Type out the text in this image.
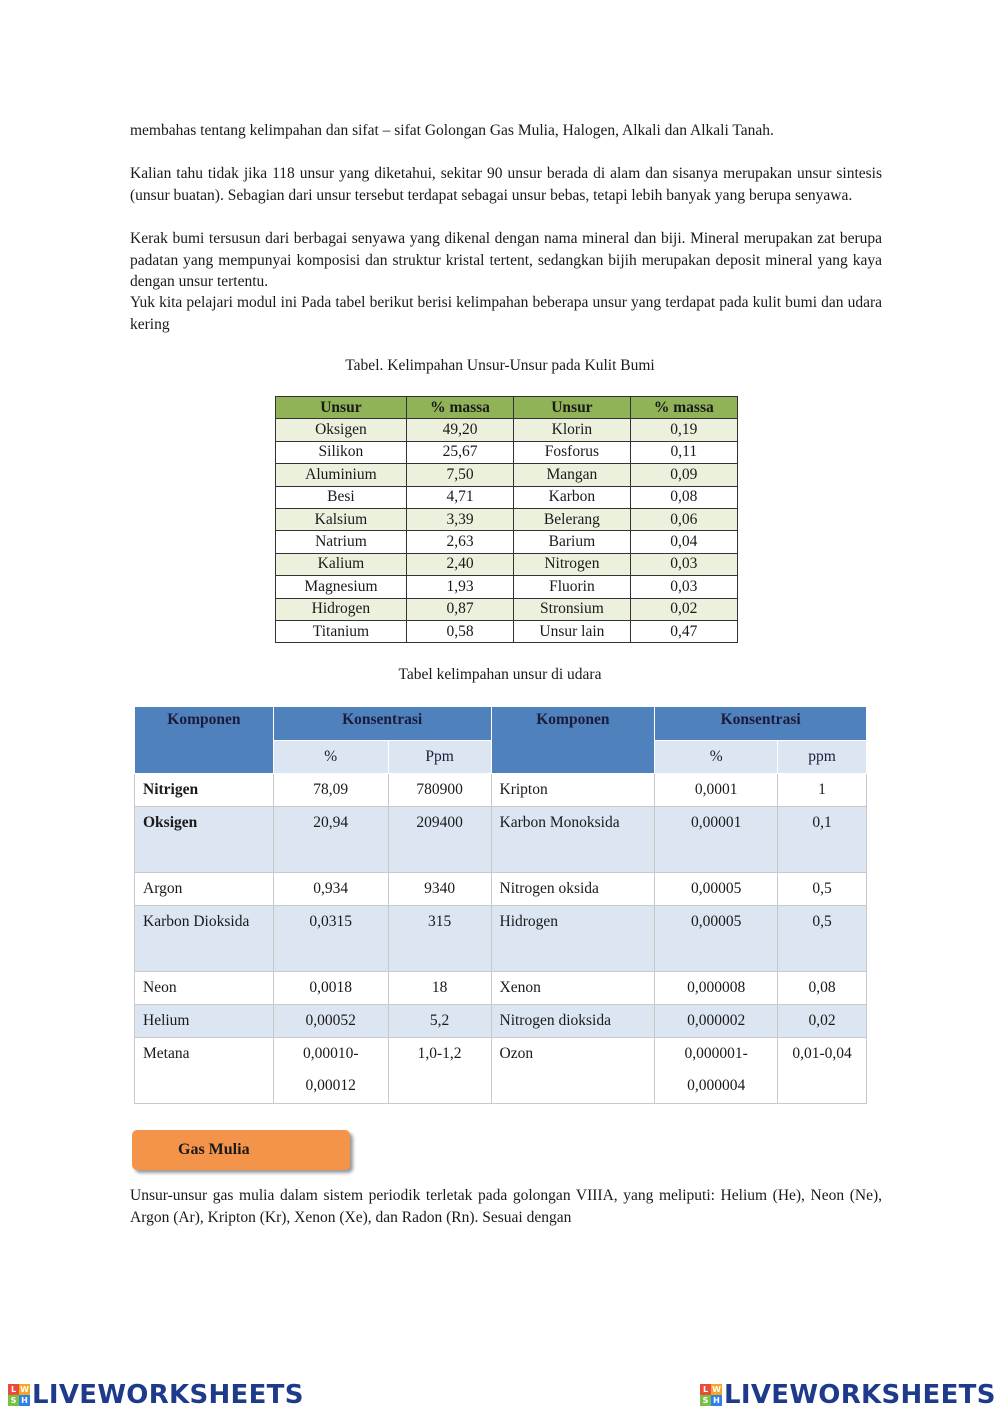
membahas tentang kelimpahan dan sifat – sifat Golongan Gas Mulia, Halogen, Alkali dan Alkali Tanah.

Kalian tahu tidak jika 118 unsur yang diketahui, sekitar 90 unsur berada di alam dan sisanya merupakan unsur sintesis (unsur buatan). Sebagian dari unsur tersebut terdapat sebagai unsur bebas, tetapi lebih banyak yang berupa senyawa.

Kerak bumi tersusun dari berbagai senyawa yang dikenal dengan nama mineral dan biji. Mineral merupakan zat berupa padatan yang mempunyai komposisi dan struktur kristal tertent, sedangkan bijih merupakan deposit mineral yang kaya dengan unsur tertentu.

Yuk kita pelajari modul ini Pada tabel berikut berisi kelimpahan beberapa unsur yang terdapat pada kulit bumi dan udara kering

Tabel. Kelimpahan Unsur-Unsur pada Kulit Bumi

Unsur	% massa	Unsur	% massa
Oksigen	49,20	Klorin	0,19
Silikon	25,67	Fosforus	0,11
Aluminium	7,50	Mangan	0,09
Besi	4,71	Karbon	0,08
Kalsium	3,39	Belerang	0,06
Natrium	2,63	Barium	0,04
Kalium	2,40	Nitrogen	0,03
Magnesium	1,93	Fluorin	0,03
Hidrogen	0,87	Stronsium	0,02
Titanium	0,58	Unsur lain	0,47

Tabel kelimpahan unsur di udara

Komponen	Konsentrasi		Komponen	Konsentrasi	
	%	Ppm		%	ppm
Nitrigen	78,09	780900	Kripton	0,0001	1
Oksigen	20,94	209400	Karbon Monoksida	0,00001	0,1
Argon	0,934	9340	Nitrogen oksida	0,00005	0,5
Karbon Dioksida	0,0315	315	Hidrogen	0,00005	0,5
Neon	0,0018	18	Xenon	0,000008	0,08
Helium	0,00052	5,2	Nitrogen dioksida	0,000002	0,02
Metana	0,00010-0,00012	1,0-1,2	Ozon	0,000001-0,000004	0,01-0,04
Gas Mulia

Unsur-unsur gas mulia dalam sistem periodik terletak pada golongan VIIIA, yang meliputi: Helium (He), Neon (Ne), Argon (Ar), Kripton (Kr), Xenon (Xe), dan Radon (Rn). Sesuai dengan

L W
S H LIVEWORKSHEETS	L W
S H LIVEWORKSHEETS
